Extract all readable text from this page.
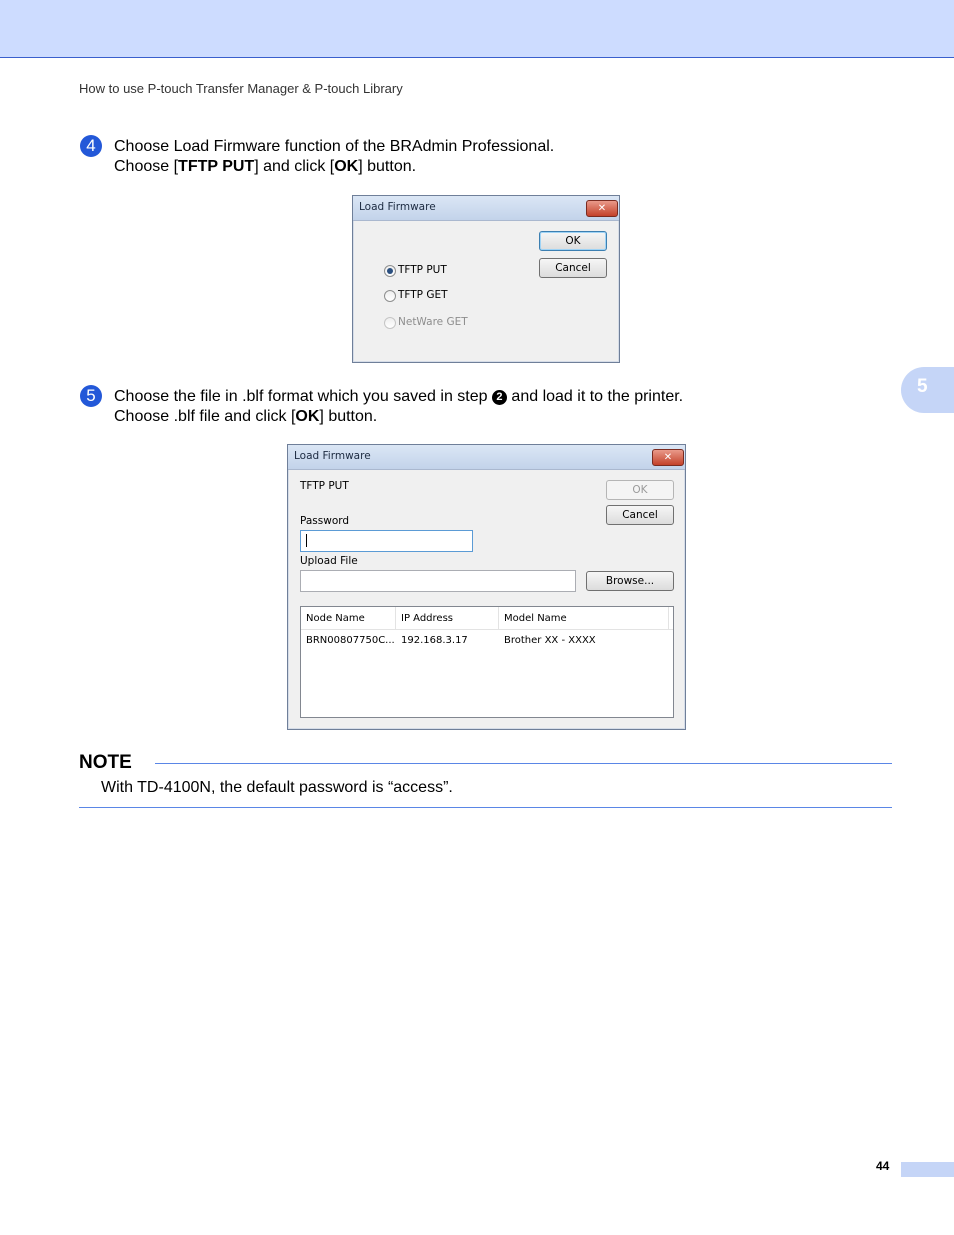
How to use P-touch Transfer Manager & P-touch Library
5
4	Choose Load Firmware function of the BRAdmin Professional.
Choose [TFTP PUT] and click [OK] button.
Load Firmware	✕
OK
Cancel
TFTP PUT
TFTP GET
NetWare GET
5	Choose the file in .blf format which you saved in step 2 and load it to the printer.
Choose .blf file and click [OK] button.
Load Firmware	✕
TFTP PUT	OK
Cancel
Password
Upload File
Browse...
Node Name	IP Address	Model Name
BRN00807750C... 192.168.3.17	Brother XX - XXXX
NOTE
With TD-4100N, the default password is “access”.
44
